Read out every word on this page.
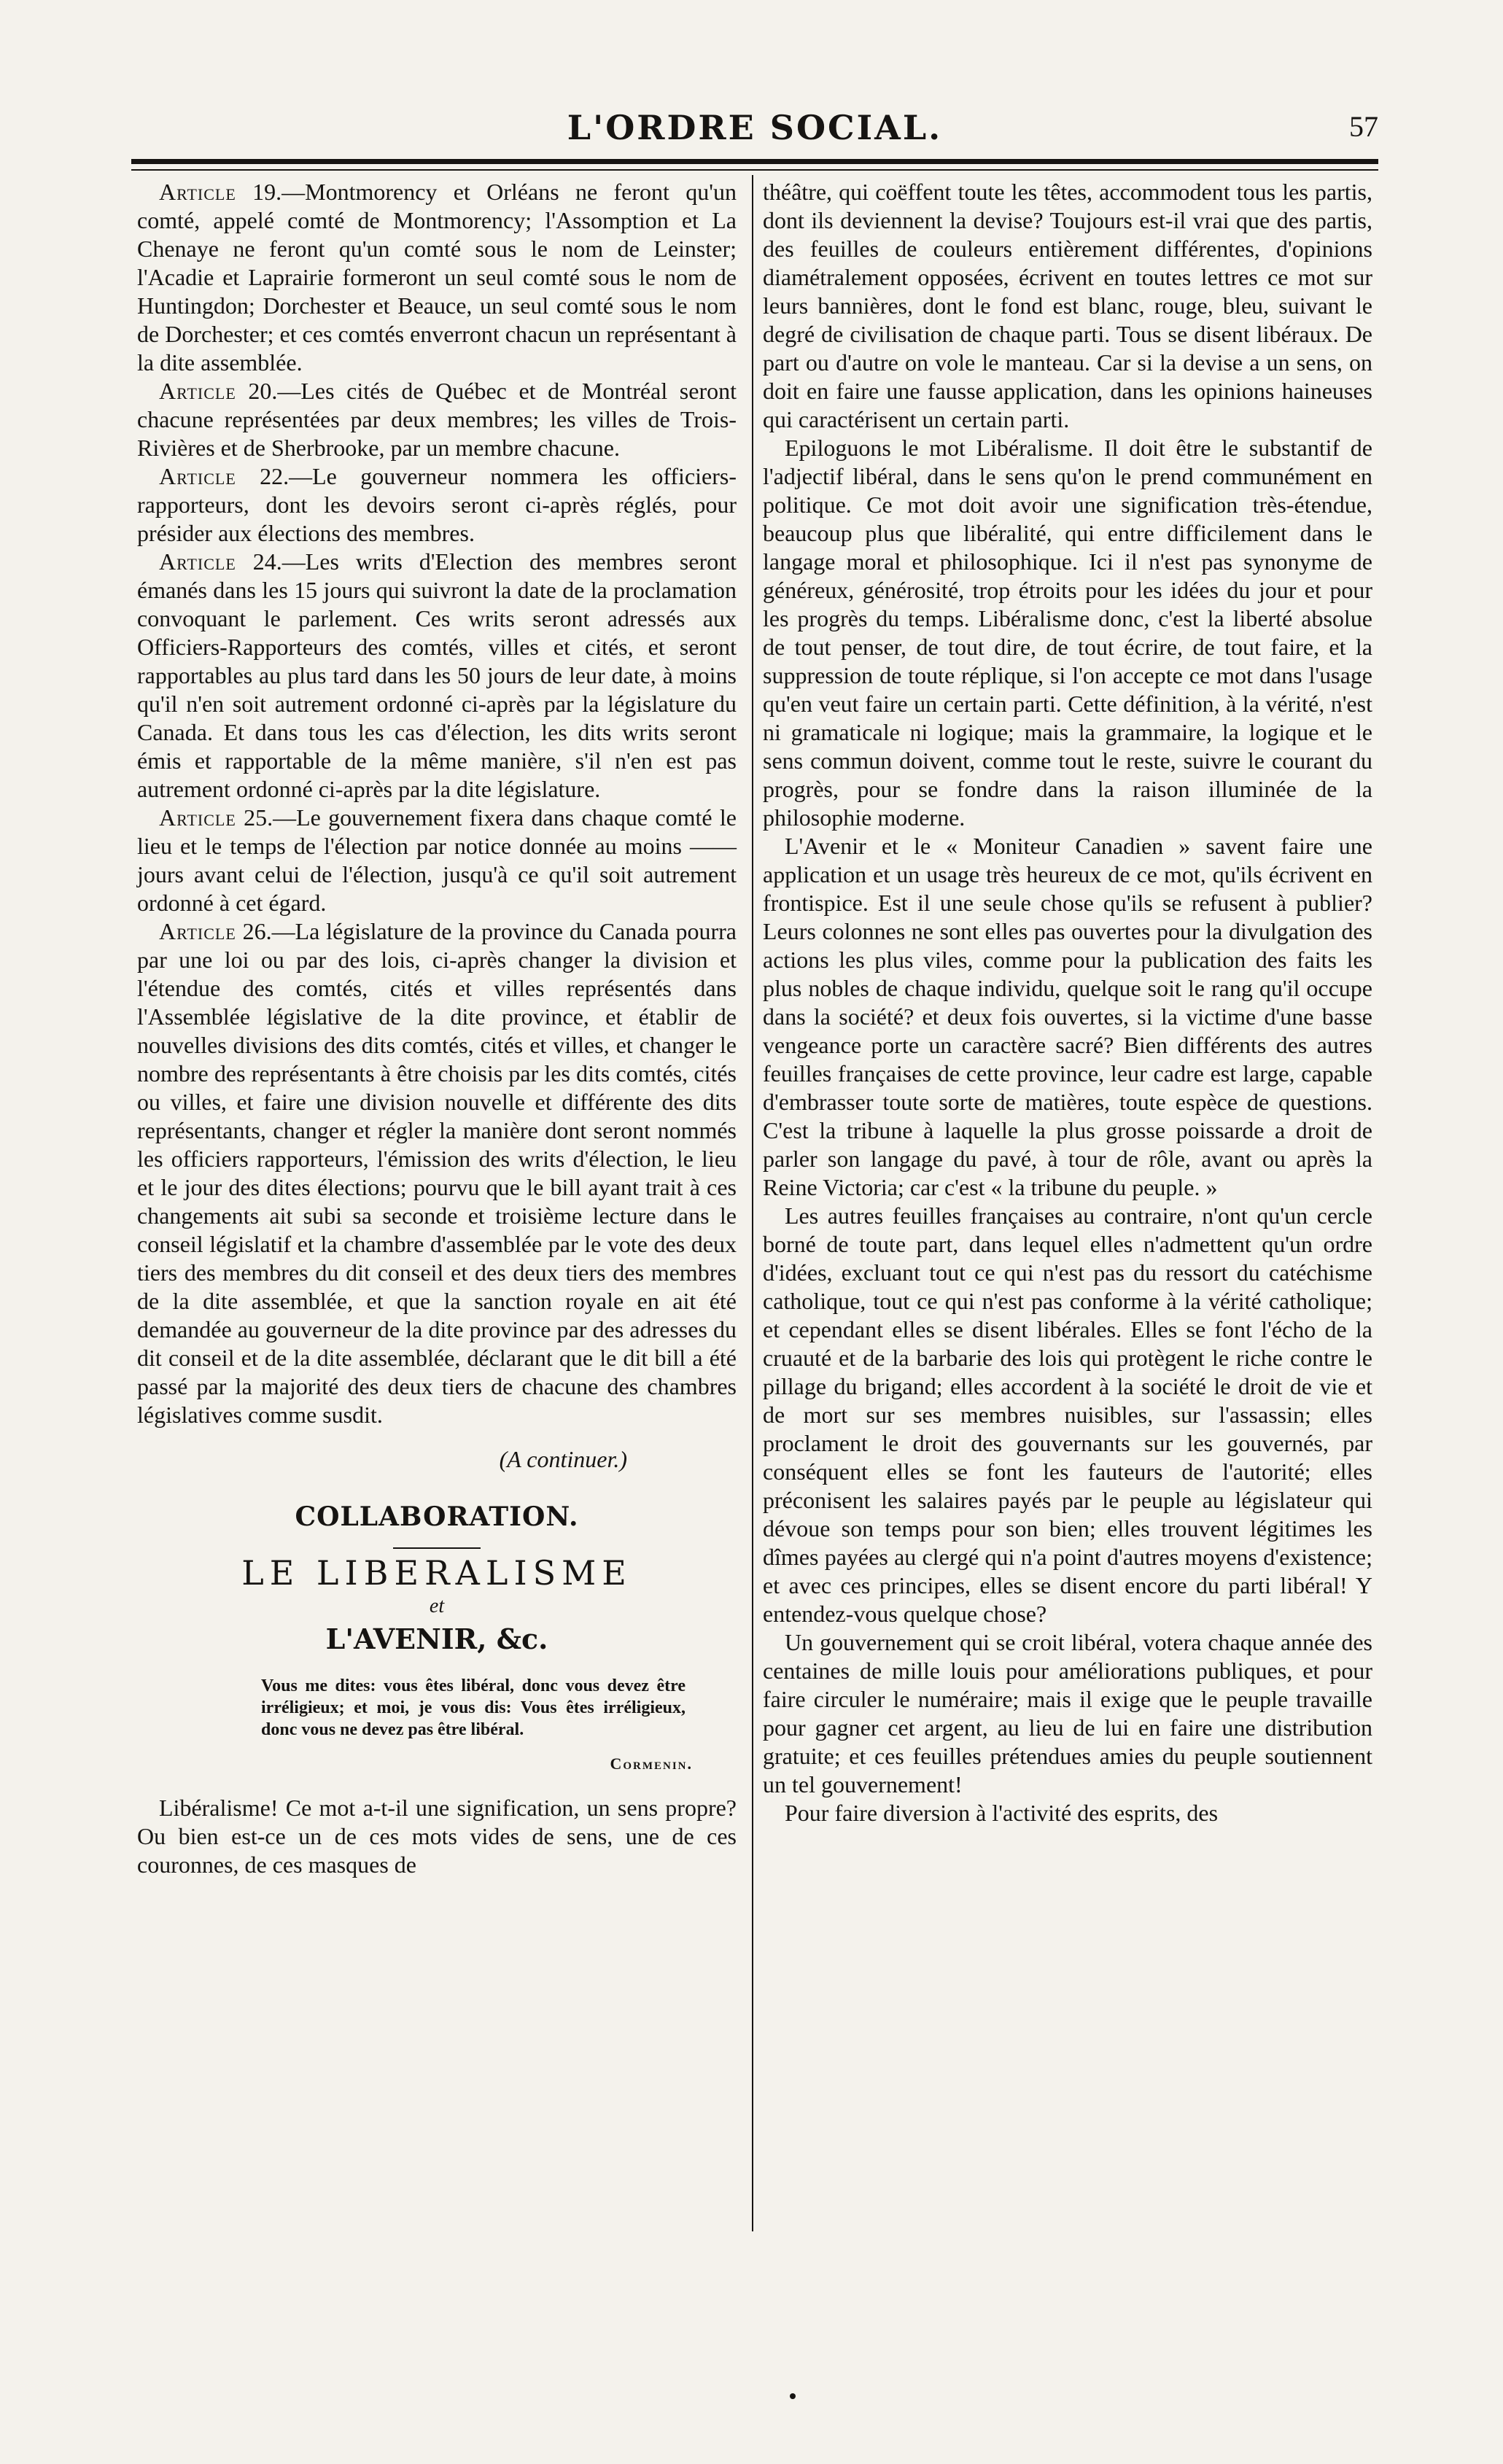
L'ORDRE SOCIAL.	57

Article 19.—Montmorency et Orléans ne feront qu'un comté, appelé comté de Montmorency; l'Assomption et La Chenaye ne feront qu'un comté sous le nom de Leinster; l'Acadie et Laprairie formeront un seul comté sous le nom de Huntingdon; Dorchester et Beauce, un seul comté sous le nom de Dorchester; et ces comtés enverront chacun un représentant à la dite assemblée.

Article 20.—Les cités de Québec et de Montréal seront chacune représentées par deux membres; les villes de Trois-Rivières et de Sherbrooke, par un membre chacune.

Article 22.—Le gouverneur nommera les officiers-rapporteurs, dont les devoirs seront ci-après réglés, pour présider aux élections des membres.

Article 24.—Les writs d'Election des membres seront émanés dans les 15 jours qui suivront la date de la proclamation convoquant le parlement. Ces writs seront adressés aux Officiers-Rapporteurs des comtés, villes et cités, et seront rapportables au plus tard dans les 50 jours de leur date, à moins qu'il n'en soit autrement ordonné ci-après par la législature du Canada. Et dans tous les cas d'élection, les dits writs seront émis et rapportable de la même manière, s'il n'en est pas autrement ordonné ci-après par la dite législature.

Article 25.—Le gouvernement fixera dans chaque comté le lieu et le temps de l'élection par notice donnée au moins —— jours avant celui de l'élection, jusqu'à ce qu'il soit autrement ordonné à cet égard.

Article 26.—La législature de la province du Canada pourra par une loi ou par des lois, ci-après changer la division et l'étendue des comtés, cités et villes représentés dans l'Assemblée législative de la dite province, et établir de nouvelles divisions des dits comtés, cités et villes, et changer le nombre des représentants à être choisis par les dits comtés, cités ou villes, et faire une division nouvelle et différente des dits représentants, changer et régler la manière dont seront nommés les officiers rapporteurs, l'émission des writs d'élection, le lieu et le jour des dites élections; pourvu que le bill ayant trait à ces changements ait subi sa seconde et troisième lecture dans le conseil législatif et la chambre d'assemblée par le vote des deux tiers des membres du dit conseil et des deux tiers des membres de la dite assemblée, et que la sanction royale en ait été demandée au gouverneur de la dite province par des adresses du dit conseil et de la dite assemblée, déclarant que le dit bill a été passé par la majorité des deux tiers de chacune des chambres législatives comme susdit.

(A continuer.)

COLLABORATION.
LE LIBERALISME
et
L'AVENIR, &c.
Vous me dites: vous êtes libéral, donc vous devez être irréligieux; et moi, je vous dis: Vous êtes irréligieux, donc vous ne devez pas être libéral.
Cormenin.

Libéralisme! Ce mot a-t-il une signification, un sens propre? Ou bien est-ce un de ces mots vides de sens, une de ces couronnes, de ces masques de

théâtre, qui coëffent toute les têtes, accommodent tous les partis, dont ils deviennent la devise? Toujours est-il vrai que des partis, des feuilles de couleurs entièrement différentes, d'opinions diamétralement opposées, écrivent en toutes lettres ce mot sur leurs bannières, dont le fond est blanc, rouge, bleu, suivant le degré de civilisation de chaque parti. Tous se disent libéraux. De part ou d'autre on vole le manteau. Car si la devise a un sens, on doit en faire une fausse application, dans les opinions haineuses qui caractérisent un certain parti.

Epiloguons le mot Libéralisme. Il doit être le substantif de l'adjectif libéral, dans le sens qu'on le prend communément en politique. Ce mot doit avoir une signification très-étendue, beaucoup plus que libéralité, qui entre difficilement dans le langage moral et philosophique. Ici il n'est pas synonyme de généreux, générosité, trop étroits pour les idées du jour et pour les progrès du temps. Libéralisme donc, c'est la liberté absolue de tout penser, de tout dire, de tout écrire, de tout faire, et la suppression de toute réplique, si l'on accepte ce mot dans l'usage qu'en veut faire un certain parti. Cette définition, à la vérité, n'est ni gramaticale ni logique; mais la grammaire, la logique et le sens commun doivent, comme tout le reste, suivre le courant du progrès, pour se fondre dans la raison illuminée de la philosophie moderne.

L'Avenir et le « Moniteur Canadien » savent faire une application et un usage très heureux de ce mot, qu'ils écrivent en frontispice. Est il une seule chose qu'ils se refusent à publier? Leurs colonnes ne sont elles pas ouvertes pour la divulgation des actions les plus viles, comme pour la publication des faits les plus nobles de chaque individu, quelque soit le rang qu'il occupe dans la société? et deux fois ouvertes, si la victime d'une basse vengeance porte un caractère sacré? Bien différents des autres feuilles françaises de cette province, leur cadre est large, capable d'embrasser toute sorte de matières, toute espèce de questions. C'est la tribune à laquelle la plus grosse poissarde a droit de parler son langage du pavé, à tour de rôle, avant ou après la Reine Victoria; car c'est « la tribune du peuple. »

Les autres feuilles françaises au contraire, n'ont qu'un cercle borné de toute part, dans lequel elles n'admettent qu'un ordre d'idées, excluant tout ce qui n'est pas du ressort du catéchisme catholique, tout ce qui n'est pas conforme à la vérité catholique; et cependant elles se disent libérales. Elles se font l'écho de la cruauté et de la barbarie des lois qui protègent le riche contre le pillage du brigand; elles accordent à la société le droit de vie et de mort sur ses membres nuisibles, sur l'assassin; elles proclament le droit des gouvernants sur les gouvernés, par conséquent elles se font les fauteurs de l'autorité; elles préconisent les salaires payés par le peuple au législateur qui dévoue son temps pour son bien; elles trouvent légitimes les dîmes payées au clergé qui n'a point d'autres moyens d'existence; et avec ces principes, elles se disent encore du parti libéral! Y entendez-vous quelque chose?

Un gouvernement qui se croit libéral, votera chaque année des centaines de mille louis pour améliorations publiques, et pour faire circuler le numéraire; mais il exige que le peuple travaille pour gagner cet argent, au lieu de lui en faire une distribution gratuite; et ces feuilles prétendues amies du peuple soutiennent un tel gouvernement!

Pour faire diversion à l'activité des esprits, des
